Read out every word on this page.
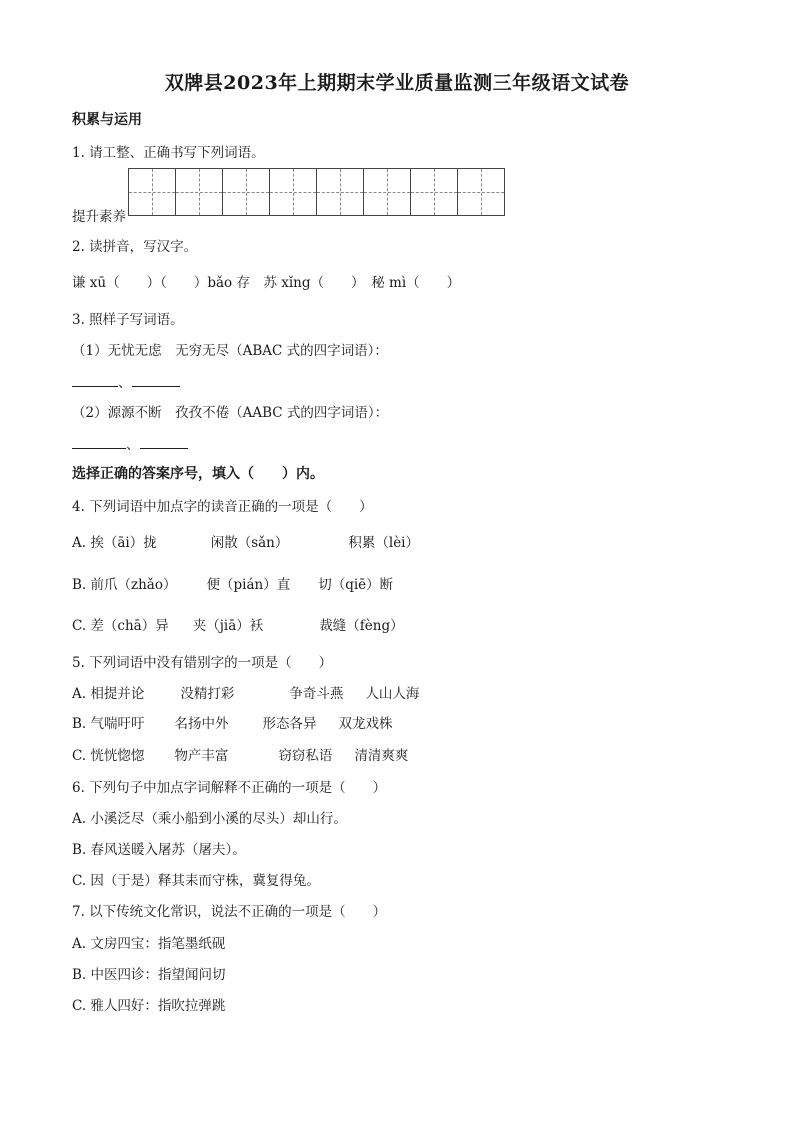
双牌县2023年上期期末学业质量监测三年级语文试卷
积累与运用
1. 请工整、正确书写下列词语。
提升素养
2. 读拼音，写汉字。
谦 xū（　　）（　　）bǎo 存　苏 xǐng（　　）　秘 mì（　　）
3. 照样子写词语。
（1）无忧无虑　无穷无尽（ABAC 式的四字词语）：
、
（2）源源不断　孜孜不倦（AABC 式的四字词语）：
、
选择正确的答案序号，填入（　　）内。
4. 下列词语中加点字的读音正确的一项是（　　）
A. 挨（āi）拢	闲散（sǎn）	积累（lèi）
B. 前爪（zhǎo） 便（pián）直 切（qiē）断
C. 差（chā）异 夹（jiā）袄	裁缝（fèng）
5. 下列词语中没有错别字的一项是（　　）
A. 相提并论	没精打彩	争奇斗燕 人山人海
B. 气喘吁吁 名扬中外	形态各异 双龙戏株
C. 恍恍惚惚 物产丰富	窃窃私语 清清爽爽
6. 下列句子中加点字词解释不正确的一项是（　　）
A. 小溪泛尽（乘小船到小溪的尽头）却山行。
B. 春风送暖入屠苏（屠夫）。
C. 因（于是）释其耒而守株，冀复得兔。
7. 以下传统文化常识，说法不正确的一项是（　　）
A. 文房四宝：指笔墨纸砚
B. 中医四诊：指望闻问切
C. 雅人四好：指吹拉弹跳
